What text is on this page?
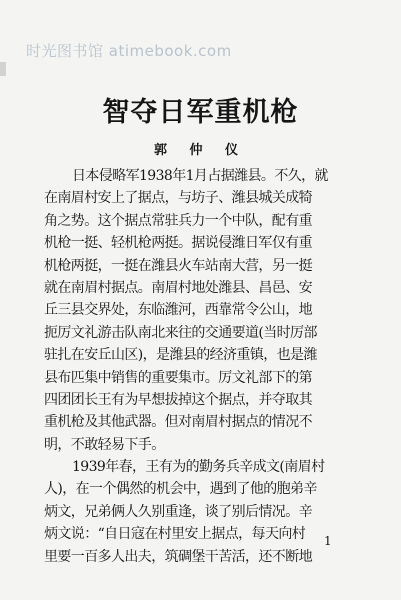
时光图书馆 atimebook.com
智夺日军重机枪
郭 仲 仪
日本侵略军1938年1月占据潍县。不久，就
在南眉村安上了据点，与坊子、潍县城关成犄
角之势。这个据点常驻兵力一个中队，配有重
机枪一挺、轻机枪两挺。据说侵潍日军仅有重
机枪两挺，一挺在潍县火车站南大营，另一挺
就在南眉村据点。南眉村地处潍县、昌邑、安
丘三县交界处，东临潍河，西靠常令公山，地
扼厉文礼游击队南北来往的交通要道(当时厉部
驻扎在安丘山区)，是潍县的经济重镇，也是潍
县布匹集中销售的重要集市。厉文礼部下的第
四团团长王有为早想拔掉这个据点，并夺取其
重机枪及其他武器。但对南眉村据点的情况不
明，不敢轻易下手。
1939年春，王有为的勤务兵辛成文(南眉村
人)，在一个偶然的机会中，遇到了他的胞弟辛
炳文，兄弟俩人久别重逢，谈了别后情况。辛
炳文说：“自日寇在村里安上据点，每天向村
里要一百多人出夫，筑碉堡干苦活，还不断地
1
